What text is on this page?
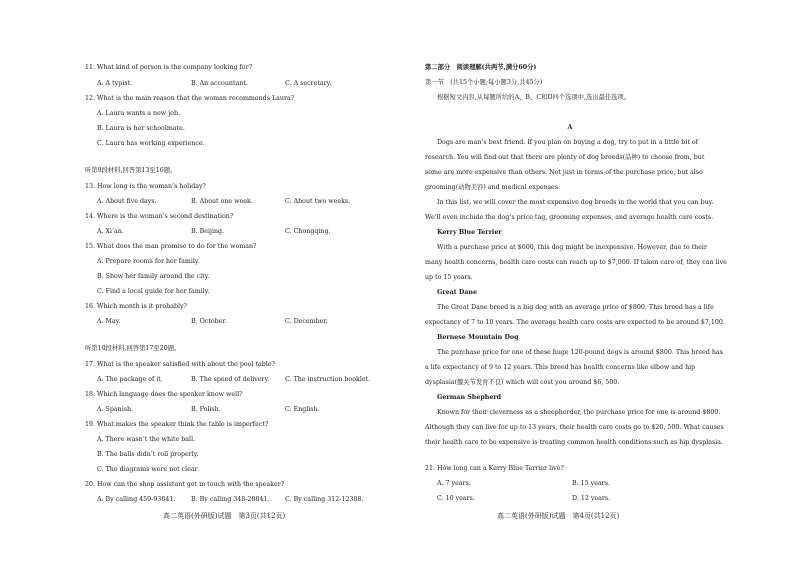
11. What kind of person is the company looking for?
A. A typist.	B. An accountant.	C. A secretary.
12. What is the main reason that the woman recommends Laura?
A. Laura wants a new job.
B. Laura is her schoolmate.
C. Laura has working experience.
听第9段材料,回答第13至16题。
13. How long is the woman’s holiday?
A. About five days.	B. About one week.	C. About two weeks.
14. Where is the woman’s second destination?
A. Xi’an.	B. Beijing.	C. Chongqing.
15. What does the man promise to do for the woman?
A. Prepare rooms for her family.
B. Show her family around the city.
C. Find a local guide for her family.
16. Which month is it probably?
A. May.	B. October.	C. December.
听第10段材料,回答第17至20题。
17. What is the speaker satisfied with about the pool table?
A. The package of it.	B. The speed of delivery.	C. The instruction booklet.
18. Which language does the speaker know well?
A. Spanish.	B. Polish.	C. English.
19. What makes the speaker think the table is imperfect?
A. There wasn’t the white ball.
B. The balls didn’t roll properly.
C. The diagrams were not clear.
20. How can the shop assistant get in touch with the speaker?
A. By calling 459-93841.	B. By calling 348-28841.	C. By calling 312-12388.
高二英语(外研版)试题　第3页(共12页)
第二部分　阅读理解(共两节,满分60分)
第一节　(共15个小题;每小题3分,共45分)
根据短文内容,从每题所给的A、B、C和D四个选项中,选出最佳选项。
A
Dogs are man’s best friend. If you plan on buying a dog, try to put in a little bit of
research. You will find out that there are plenty of dog breeds(品种) to choose from, but
some are more expensive than others. Not just in terms of the purchase price, but also
grooming(动物美容) and medical expenses.
In this list, we will cover the most expensive dog breeds in the world that you can buy.
We’ll even include the dog’s price tag, grooming expenses, and average health care costs.
Kerry Blue Terrier
With a purchase price at $600, this dog might be inexpensive. However, due to their
many health concerns, health care costs can reach up to $7,000. If taken care of, they can live
up to 15 years.
Great Dane
The Great Dane breed is a big dog with an average price of $800. This breed has a life
expectancy of 7 to 10 years. The average health care costs are expected to be around $7,100.
Bernese Mountain Dog
The purchase price for one of these huge 120-pound dogs is around $800. This breed has
a life expectancy of 9 to 12 years. This breed has health concerns like elbow and hip
dysplasia(髋关节发育不良) which will cost you around $6, 500.
German Shepherd
Known for their cleverness as a sheepherder, the purchase price for one is around $800.
Although they can live for up to 13 years, their health care costs go to $20, 500. What causes
their health care to be expensive is treating common health conditions such as hip dysplasia.
21. How long can a Kerry Blue Terrier live?
A. 7 years.	B. 15 years.
C. 10 years.	D. 12 years.
高二英语(外研版)试题　第4页(共12页)
